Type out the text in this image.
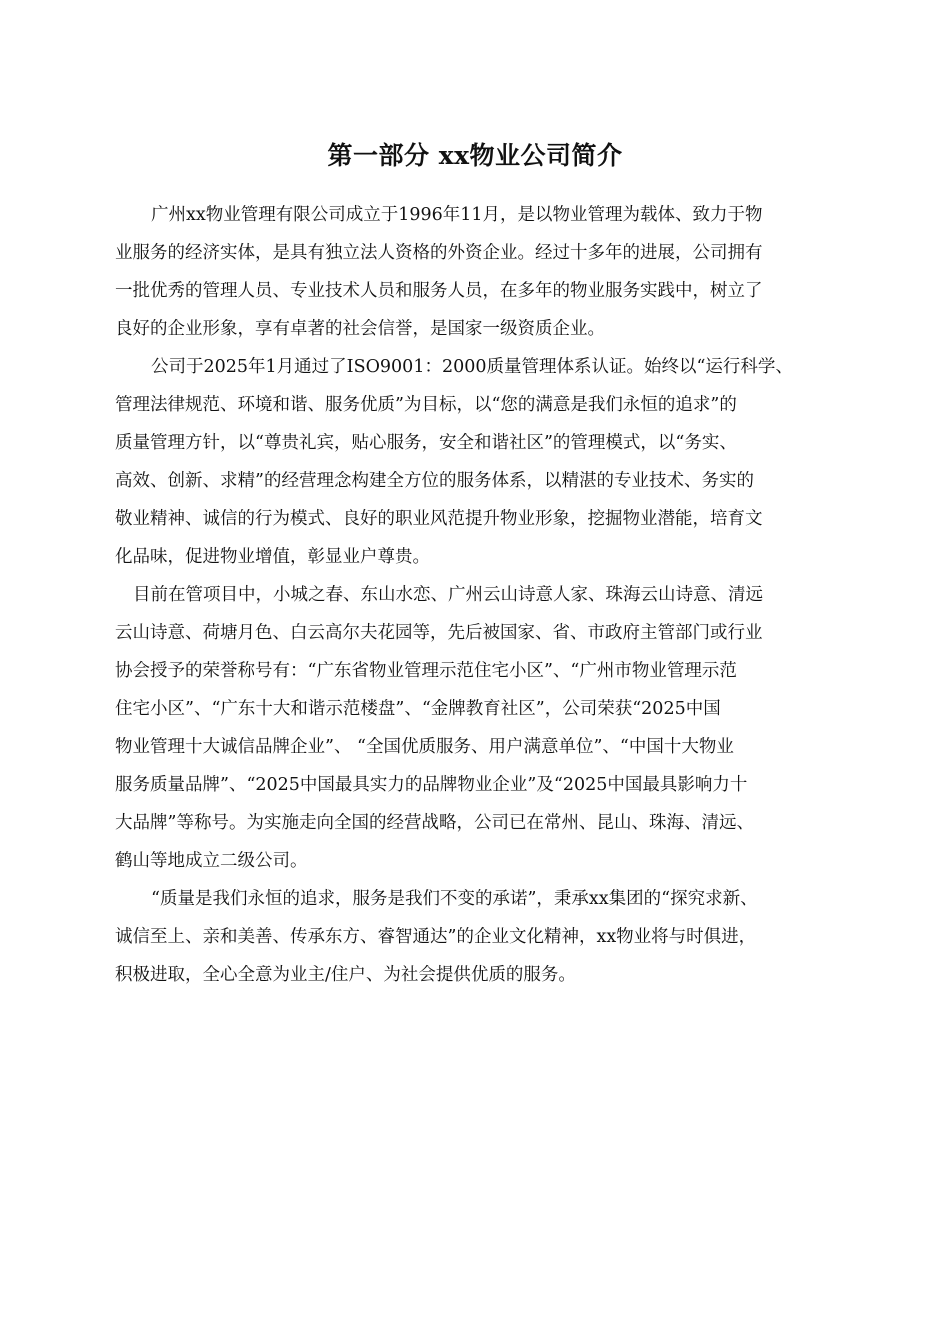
第一部分 xx物业公司简介
广州xx物业管理有限公司成立于1996年11月，是以物业管理为载体、致力于物
业服务的经济实体，是具有独立法人资格的外资企业。经过十多年的进展，公司拥有
一批优秀的管理人员、专业技术人员和服务人员，在多年的物业服务实践中，树立了
良好的企业形象，享有卓著的社会信誉，是国家一级资质企业。
公司于2025年1月通过了ISO9001：2000质量管理体系认证。始终以“运行科学、
管理法律规范、环境和谐、服务优质”为目标，以“您的满意是我们永恒的追求”的
质量管理方针，以“尊贵礼宾，贴心服务，安全和谐社区”的管理模式，以“务实、
高效、创新、求精”的经营理念构建全方位的服务体系，以精湛的专业技术、务实的
敬业精神、诚信的行为模式、良好的职业风范提升物业形象，挖掘物业潜能，培育文
化品味，促进物业增值，彰显业户尊贵。
目前在管项目中，小城之春、东山水恋、广州云山诗意人家、珠海云山诗意、清远
云山诗意、荷塘月色、白云高尔夫花园等，先后被国家、省、市政府主管部门或行业
协会授予的荣誉称号有：“广东省物业管理示范住宅小区”、“广州市物业管理示范
住宅小区”、“广东十大和谐示范楼盘”、“金牌教育社区”，公司荣获“2025中国
物业管理十大诚信品牌企业”、 “全国优质服务、用户满意单位”、“中国十大物业
服务质量品牌”、“2025中国最具实力的品牌物业企业”及“2025中国最具影响力十
大品牌”等称号。为实施走向全国的经营战略，公司已在常州、昆山、珠海、清远、
鹤山等地成立二级公司。
“质量是我们永恒的追求，服务是我们不变的承诺”，秉承xx集团的“探究求新、
诚信至上、亲和美善、传承东方、睿智通达”的企业文化精神，xx物业将与时俱进，
积极进取，全心全意为业主/住户、为社会提供优质的服务。
